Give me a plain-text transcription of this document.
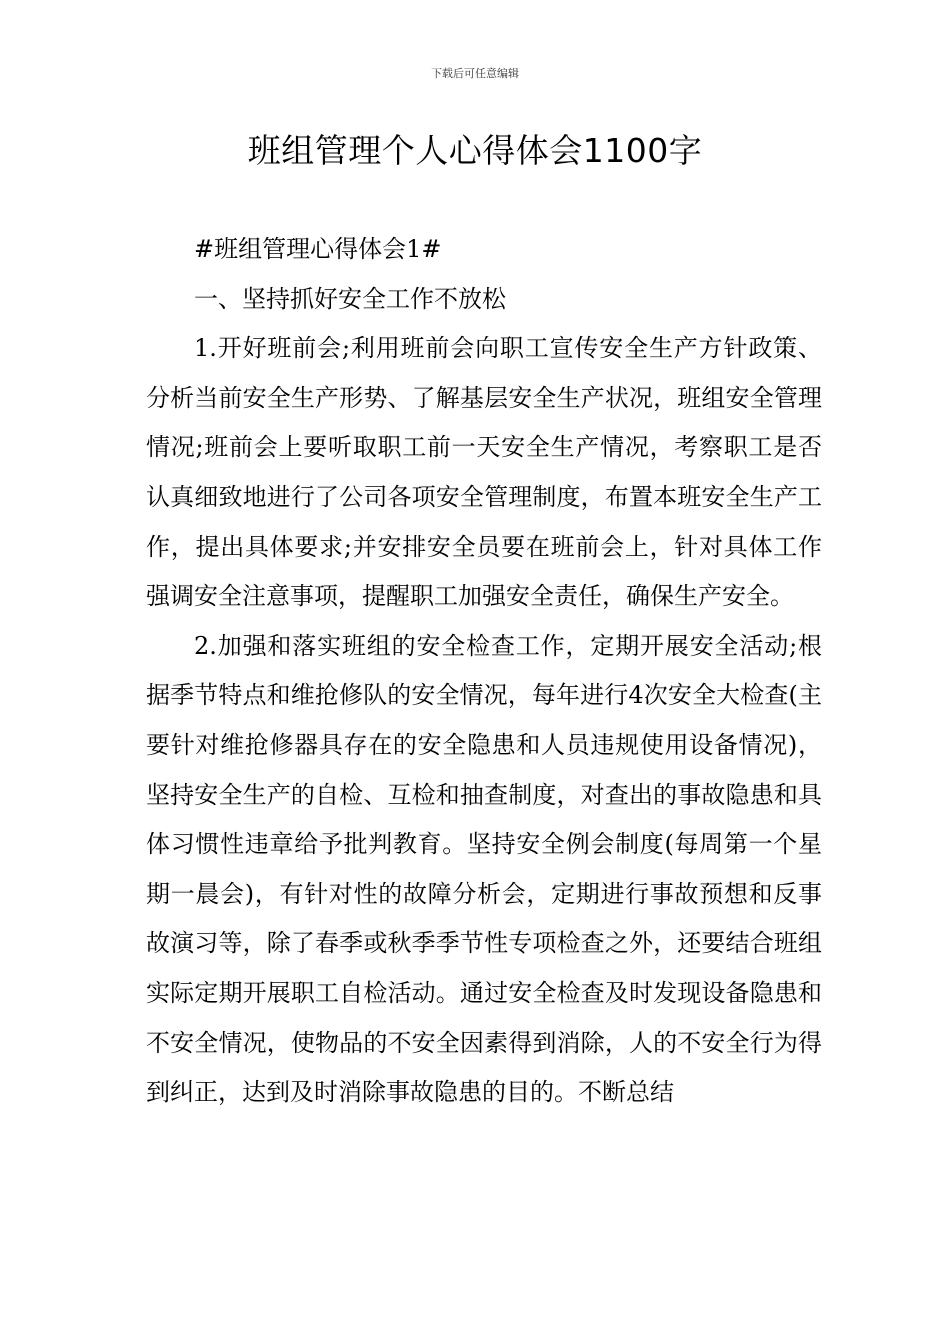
下载后可任意编辑
班组管理个人心得体会1100字

#班组管理心得体会1#

一、坚持抓好安全工作不放松

1.开好班前会;利用班前会向职工宣传安全生产方针政策、分析当前安全生产形势、了解基层安全生产状况，班组安全管理情况;班前会上要听取职工前一天安全生产情况，考察职工是否认真细致地进行了公司各项安全管理制度，布置本班安全生产工作，提出具体要求;并安排安全员要在班前会上，针对具体工作强调安全注意事项，提醒职工加强安全责任，确保生产安全。

2.加强和落实班组的安全检查工作，定期开展安全活动;根据季节特点和维抢修队的安全情况，每年进行4次安全大检查(主要针对维抢修器具存在的安全隐患和人员违规使用设备情况)，坚持安全生产的自检、互检和抽查制度，对查出的事故隐患和具体习惯性违章给予批判教育。坚持安全例会制度(每周第一个星期一晨会)，有针对性的故障分析会，定期进行事故预想和反事故演习等，除了春季或秋季季节性专项检查之外，还要结合班组实际定期开展职工自检活动。通过安全检查及时发现设备隐患和不安全情况，使物品的不安全因素得到消除，人的不安全行为得到纠正，达到及时消除事故隐患的目的。不断总结
